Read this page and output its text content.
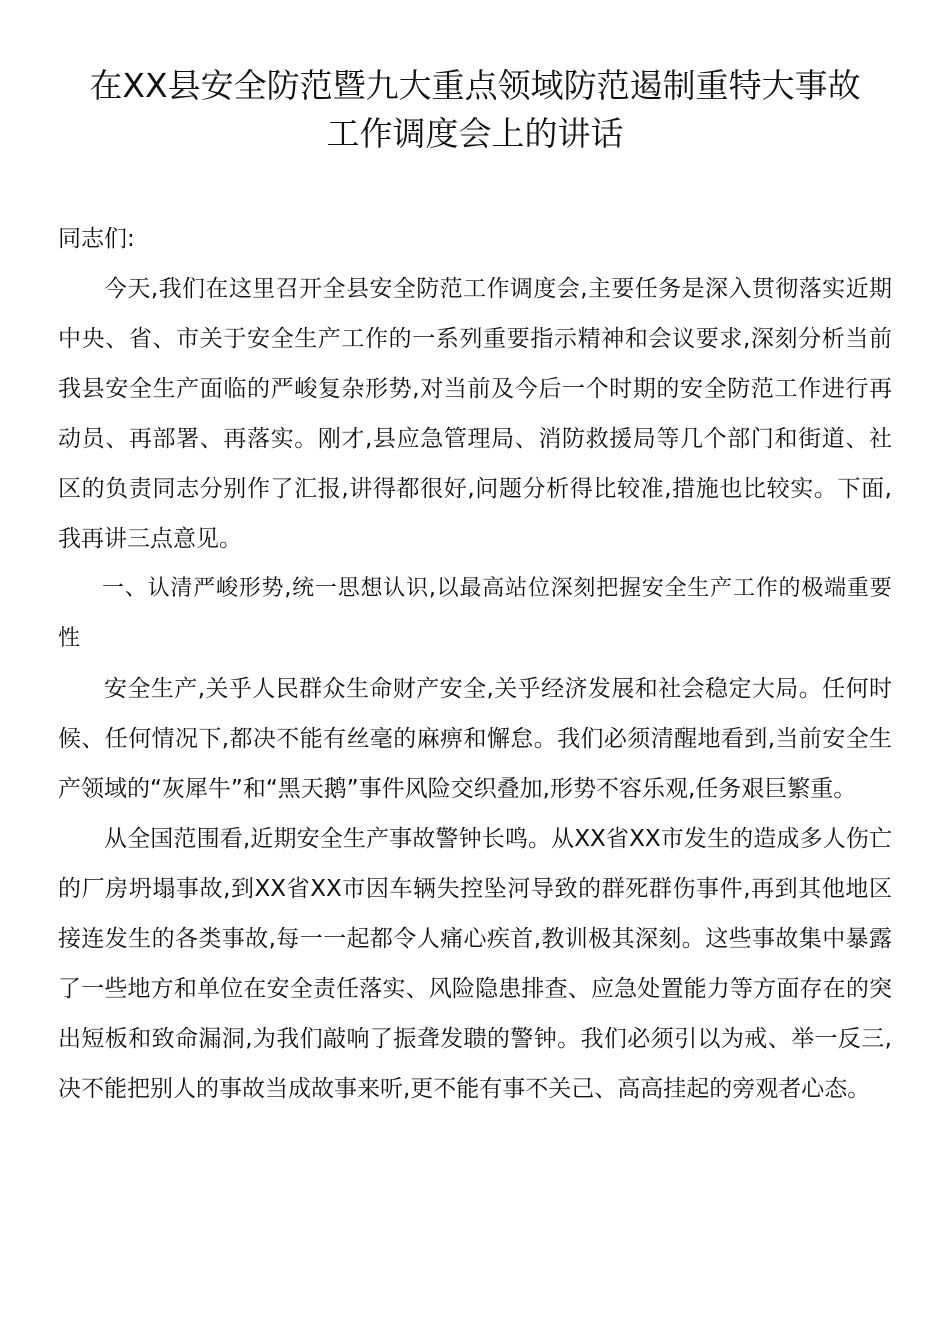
在XX县安全防范暨九大重点领域防范遏制重特大事故
工作调度会上的讲话

同志们:

今天,我们在这里召开全县安全防范工作调度会,主要任务是深入贯彻落实近期中央、省、市关于安全生产工作的一系列重要指示精神和会议要求,深刻分析当前我县安全生产面临的严峻复杂形势,对当前及今后一个时期的安全防范工作进行再动员、再部署、再落实。刚才,县应急管理局、消防救援局等几个部门和街道、社区的负责同志分别作了汇报,讲得都很好,问题分析得比较准,措施也比较实。下面,我再讲三点意见。

一、认清严峻形势,统一思想认识,以最高站位深刻把握安全生产工作的极端重要性

安全生产,关乎人民群众生命财产安全,关乎经济发展和社会稳定大局。任何时候、任何情况下,都决不能有丝毫的麻痹和懈怠。我们必须清醒地看到,当前安全生产领域的“灰犀牛”和“黑天鹅”事件风险交织叠加,形势不容乐观,任务艰巨繁重。

从全国范围看,近期安全生产事故警钟长鸣。从XX省XX市发生的造成多人伤亡的厂房坍塌事故,到XX省XX市因车辆失控坠河导致的群死群伤事件,再到其他地区接连发生的各类事故,每一一起都令人痛心疾首,教训极其深刻。这些事故集中暴露了一些地方和单位在安全责任落实、风险隐患排查、应急处置能力等方面存在的突出短板和致命漏洞,为我们敲响了振聋发聩的警钟。我们必须引以为戒、举一反三,决不能把别人的事故当成故事来听,更不能有事不关己、高高挂起的旁观者心态。
